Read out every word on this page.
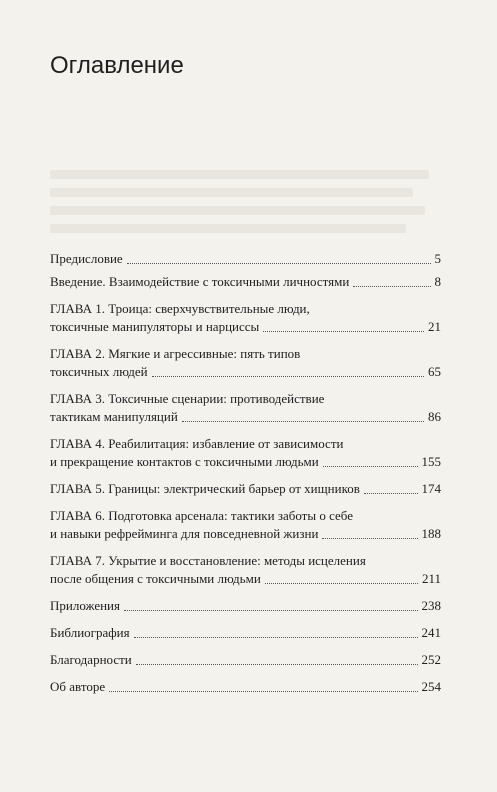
Оглавление
Предисловие	5
Введение. Взаимодействие с токсичными личностями	8
ГЛАВА 1. Троица: сверхчувствительные люди,
токсичные манипуляторы и нарциссы	21
ГЛАВА 2. Мягкие и агрессивные: пять типов
токсичных людей	65
ГЛАВА 3. Токсичные сценарии: противодействие
тактикам манипуляций	86
ГЛАВА 4. Реабилитация: избавление от зависимости
и прекращение контактов с токсичными людьми	155
ГЛАВА 5. Границы: электрический барьер от хищников	174
ГЛАВА 6. Подготовка арсенала: тактики заботы о себе
и навыки рефрейминга для повседневной жизни	188
ГЛАВА 7. Укрытие и восстановление: методы исцеления
после общения с токсичными людьми	211
Приложения	238
Библиография	241
Благодарности	252
Об авторе	254
